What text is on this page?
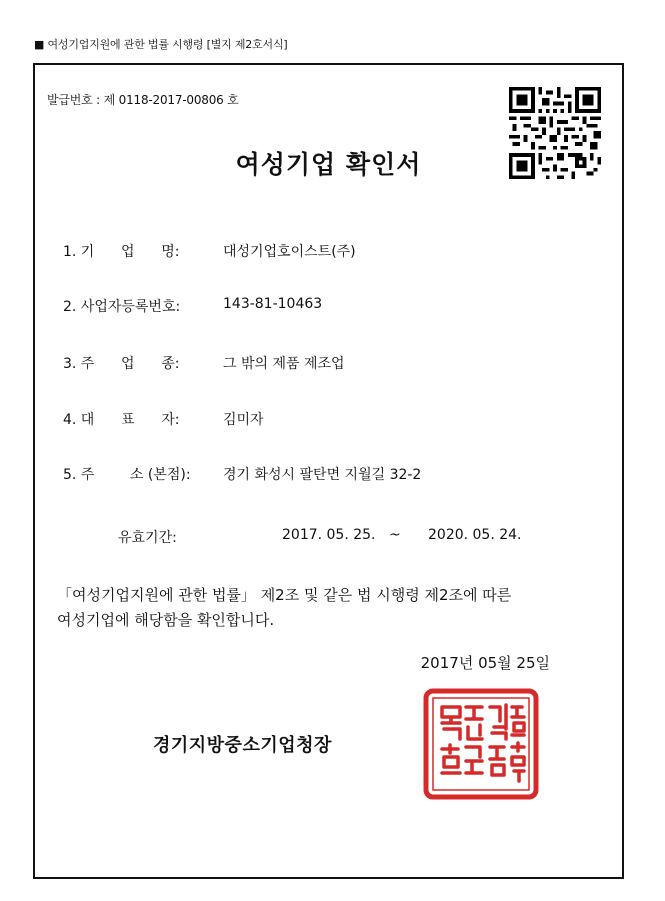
■ 여성기업지원에 관한 법률 시행령 [별지 제2호서식]
발급번호 : 제 0118-2017-00806 호
여성기업 확인서
1. 기      업      명:	대성기업호이스트(주)
2. 사업자등록번호:	143-81-10463
3. 주      업      종:	그 밖의 제품 제조업
4. 대      표      자:	김미자
5. 주        소 (본점):	경기 화성시 팔탄면 지월길 32-2
유효기간:	2017. 05. 25. ~ 2020. 05. 24.
「여성기업지원에 관한 법률」 제2조 및 같은 법 시행령 제2조에 따른
여성기업에 해당함을 확인합니다.
2017년 05월 25일
경기지방중소기업청장
